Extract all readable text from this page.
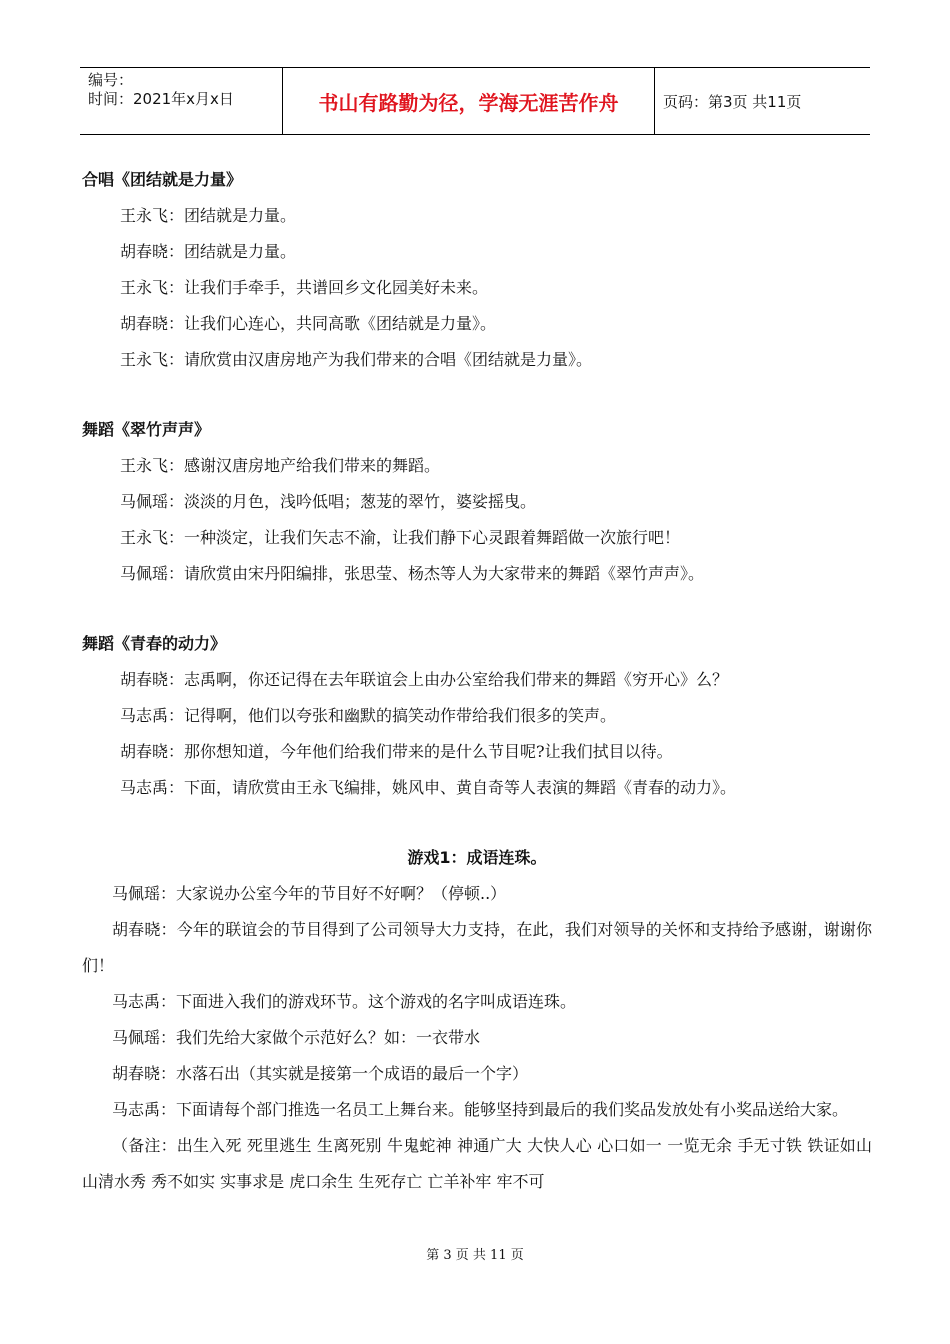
编号：
时间：2021年x月x日	书山有路勤为径，学海无涯苦作舟	页码：第3页 共11页

合唱《团结就是力量》

王永飞：团结就是力量。

胡春晓：团结就是力量。

王永飞：让我们手牵手，共谱回乡文化园美好未来。

胡春晓：让我们心连心，共同高歌《团结就是力量》。

王永飞：请欣赏由汉唐房地产为我们带来的合唱《团结就是力量》。

舞蹈《翠竹声声》

王永飞：感谢汉唐房地产给我们带来的舞蹈。

马佩瑶：淡淡的月色，浅吟低唱；葱茏的翠竹，婆娑摇曳。

王永飞：一种淡定，让我们矢志不渝，让我们静下心灵跟着舞蹈做一次旅行吧！

马佩瑶：请欣赏由宋丹阳编排，张思莹、杨杰等人为大家带来的舞蹈《翠竹声声》。

舞蹈《青春的动力》

胡春晓：志禹啊，你还记得在去年联谊会上由办公室给我们带来的舞蹈《穷开心》么？

马志禹：记得啊，他们以夸张和幽默的搞笑动作带给我们很多的笑声。

胡春晓：那你想知道，今年他们给我们带来的是什么节目呢?让我们拭目以待。

马志禹：下面，请欣赏由王永飞编排，姚风申、黄自奇等人表演的舞蹈《青春的动力》。

游戏1：成语连珠。

马佩瑶：大家说办公室今年的节目好不好啊？（停顿..）

胡春晓：今年的联谊会的节目得到了公司领导大力支持，在此，我们对领导的关怀和支持给予感谢，谢谢你们！

马志禹：下面进入我们的游戏环节。这个游戏的名字叫成语连珠。

马佩瑶：我们先给大家做个示范好么？如：一衣带水

胡春晓：水落石出（其实就是接第一个成语的最后一个字）

马志禹：下面请每个部门推选一名员工上舞台来。能够坚持到最后的我们奖品发放处有小奖品送给大家。

（备注：出生入死 死里逃生 生离死别 牛鬼蛇神 神通广大 大快人心 心口如一 一览无余 手无寸铁 铁证如山 山清水秀 秀不如实 实事求是 虎口余生 生死存亡 亡羊补牢 牢不可

第 3 页 共 11 页
